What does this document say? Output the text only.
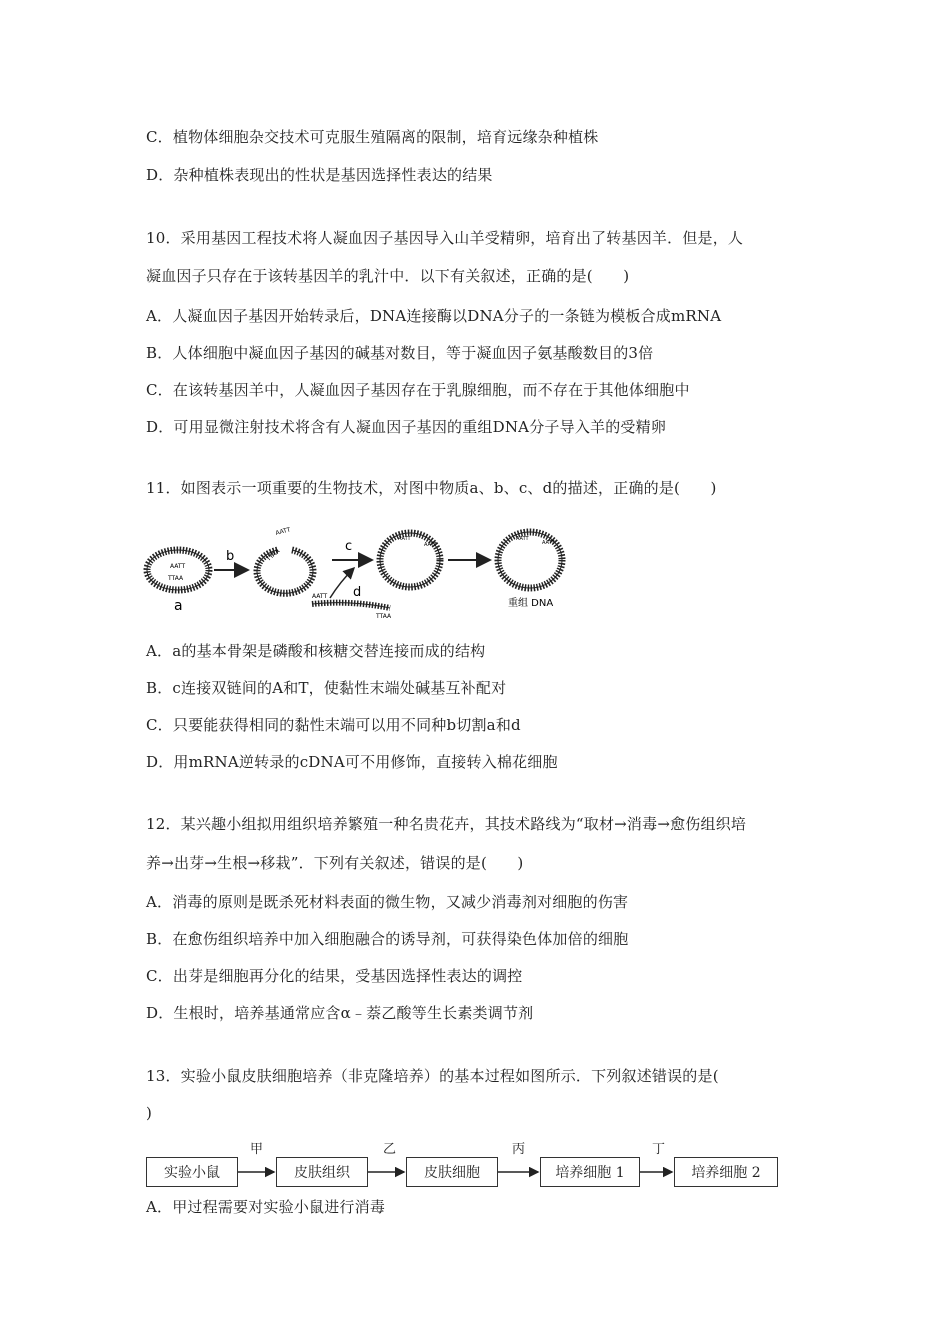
C．植物体细胞杂交技术可克服生殖隔离的限制，培育远缘杂种植株
D．杂种植株表现出的性状是基因选择性表达的结果
10．采用基因工程技术将人凝血因子基因导入山羊受精卵，培育出了转基因羊．但是，人
凝血因子只存在于该转基因羊的乳汁中．以下有关叙述，正确的是(　　)
A．人凝血因子基因开始转录后，DNA连接酶以DNA分子的一条链为模板合成mRNA
B．人体细胞中凝血因子基因的碱基对数目，等于凝血因子氨基酸数目的3倍
C．在该转基因羊中，人凝血因子基因存在于乳腺细胞，而不存在于其他体细胞中
D．可用显微注射技术将含有人凝血因子基因的重组DNA分子导入羊的受精卵
11．如图表示一项重要的生物技术，对图中物质a、b、c、d的描述，正确的是(　　)
AATT
TTAA
a
b
AATT
TTAA
c
AATT
TTAA
d
AATT
AATT
AATT
AATT
重组 DNA
A．a的基本骨架是磷酸和核糖交替连接而成的结构
B．c连接双链间的A和T，使黏性末端处碱基互补配对
C．只要能获得相同的黏性末端可以用不同种b切割a和d
D．用mRNA逆转录的cDNA可不用修饰，直接转入棉花细胞
12．某兴趣小组拟用组织培养繁殖一种名贵花卉，其技术路线为“取材→消毒→愈伤组织培
养→出芽→生根→移栽”．下列有关叙述，错误的是(　　)
A．消毒的原则是既杀死材料表面的微生物，又减少消毒剂对细胞的伤害
B．在愈伤组织培养中加入细胞融合的诱导剂，可获得染色体加倍的细胞
C．出芽是细胞再分化的结果，受基因选择性表达的调控
D．生根时，培养基通常应含α﹣萘乙酸等生长素类调节剂
13．实验小鼠皮肤细胞培养（非克隆培养）的基本过程如图所示．下列叙述错误的是(
)
实验小鼠	皮肤组织	皮肤细胞	培养细胞 1	培养细胞 2
甲	乙	丙	丁
A．甲过程需要对实验小鼠进行消毒
